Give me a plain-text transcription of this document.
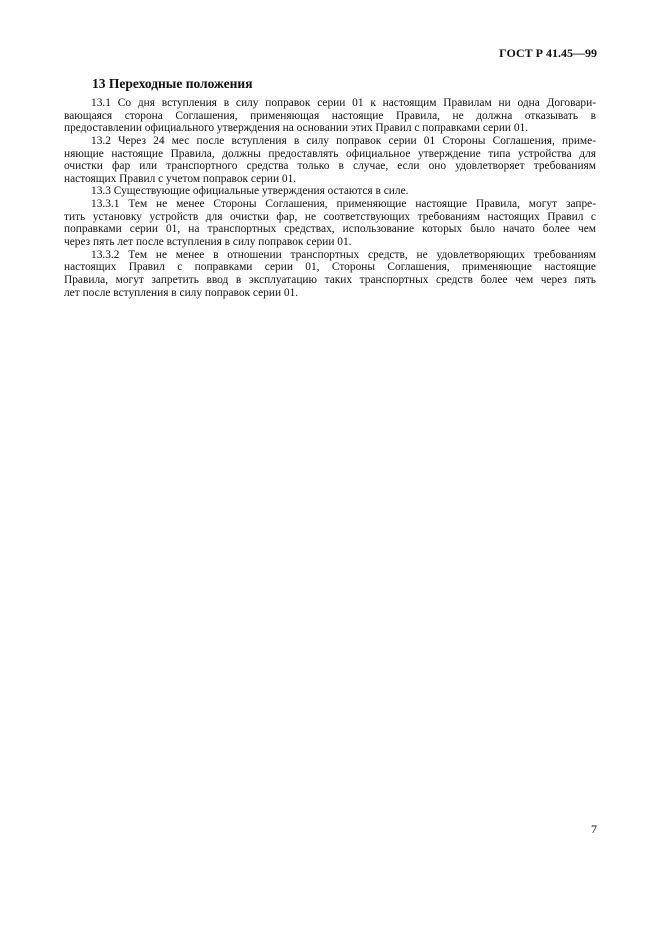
ГОСТ Р 41.45—99
13 Переходные положения
13.1 Со дня вступления в силу поправок серии 01 к настоящим Правилам ни одна Договари-
вающаяся сторона Соглашения, применяющая настоящие Правила, не должна отказывать в
предоставлении официального утверждения на основании этих Правил с поправками серии 01.
13.2 Через 24 мес после вступления в силу поправок серии 01 Стороны Соглашения, приме-
няющие настоящие Правила, должны предоставлять официальное утверждение типа устройства для
очистки фар или транспортного средства только в случае, если оно удовлетворяет требованиям
настоящих Правил с учетом поправок серии 01.
13.3 Существующие официальные утверждения остаются в силе.
13.3.1 Тем не менее Стороны Соглашения, применяющие настоящие Правила, могут запре-
тить установку устройств для очистки фар, не соответствующих требованиям настоящих Правил с
поправками серии 01, на транспортных средствах, использование которых было начато более чем
через пять лет после вступления в силу поправок серии 01.
13.3.2 Тем не менее в отношении транспортных средств, не удовлетворяющих требованиям
настоящих Правил с поправками серии 01, Стороны Соглашения, применяющие настоящие
Правила, могут запретить ввод в эксплуатацию таких транспортных средств более чем через пять
лет после вступления в силу поправок серии 01.
7
